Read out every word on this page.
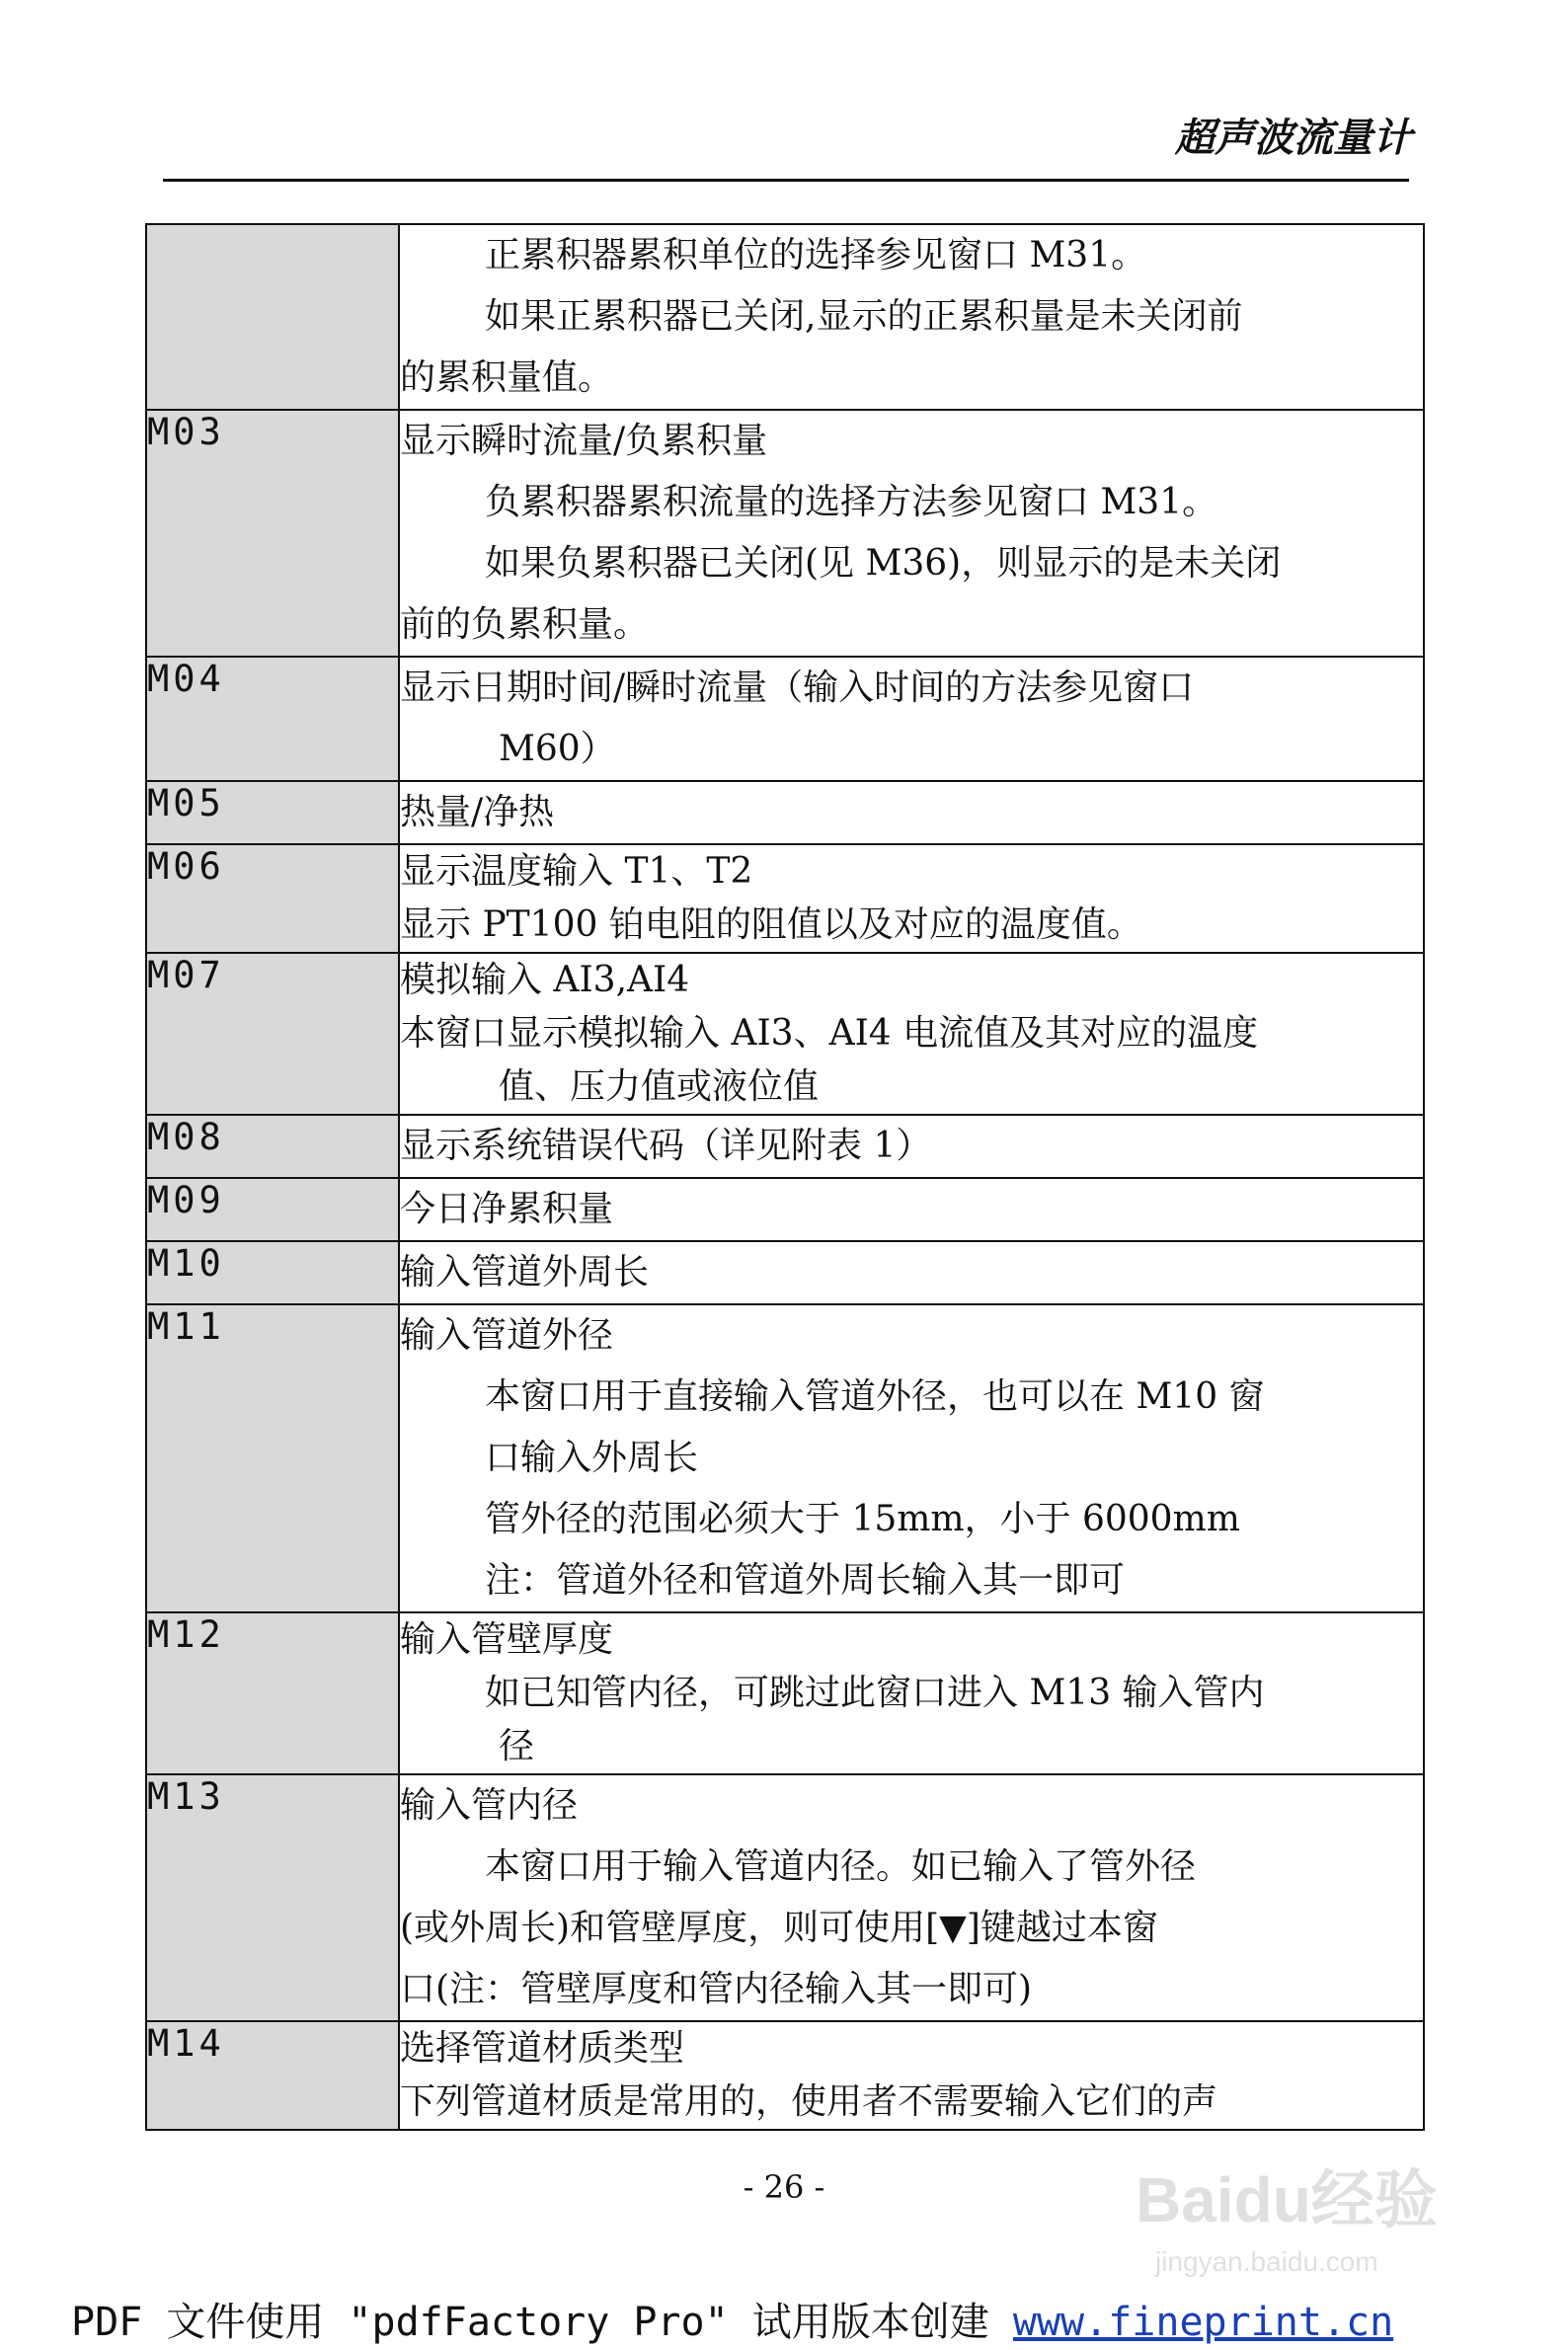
超声波流量计

	正累积器累积单位的选择参见窗口 M31。
如果正累积器已关闭,显示的正累积量是未关闭前
的累积量值。

M03	显示瞬时流量/负累积量
负累积器累积流量的选择方法参见窗口 M31。
如果负累积器已关闭(见 M36)，则显示的是未关闭
前的负累积量。

M04	显示日期时间/瞬时流量（输入时间的方法参见窗口
M60）

M05	热量/净热

M06	显示温度输入 T1、T2
显示 PT100 铂电阻的阻值以及对应的温度值。

M07	模拟输入 AI3,AI4
本窗口显示模拟输入 AI3、AI4 电流值及其对应的温度
值、压力值或液位值

M08	显示系统错误代码（详见附表 1）

M09	今日净累积量

M10	输入管道外周长

M11	输入管道外径
本窗口用于直接输入管道外径，也可以在 M10 窗
口输入外周长
管外径的范围必须大于 15mm，小于 6000mm
注：管道外径和管道外周长输入其一即可

M12	输入管壁厚度
如已知管内径，可跳过此窗口进入 M13 输入管内
径

M13	输入管内径
本窗口用于输入管道内径。如已输入了管外径
(或外周长)和管壁厚度，则可使用[▼]键越过本窗
口(注：管壁厚度和管内径输入其一即可)

M14	选择管道材质类型
下列管道材质是常用的，使用者不需要输入它们的声
- 26 -
PDF 文件使用 "pdfFactory Pro" 试用版本创建 www.fineprint.cn
Baidu经验
jingyan.baidu.com
